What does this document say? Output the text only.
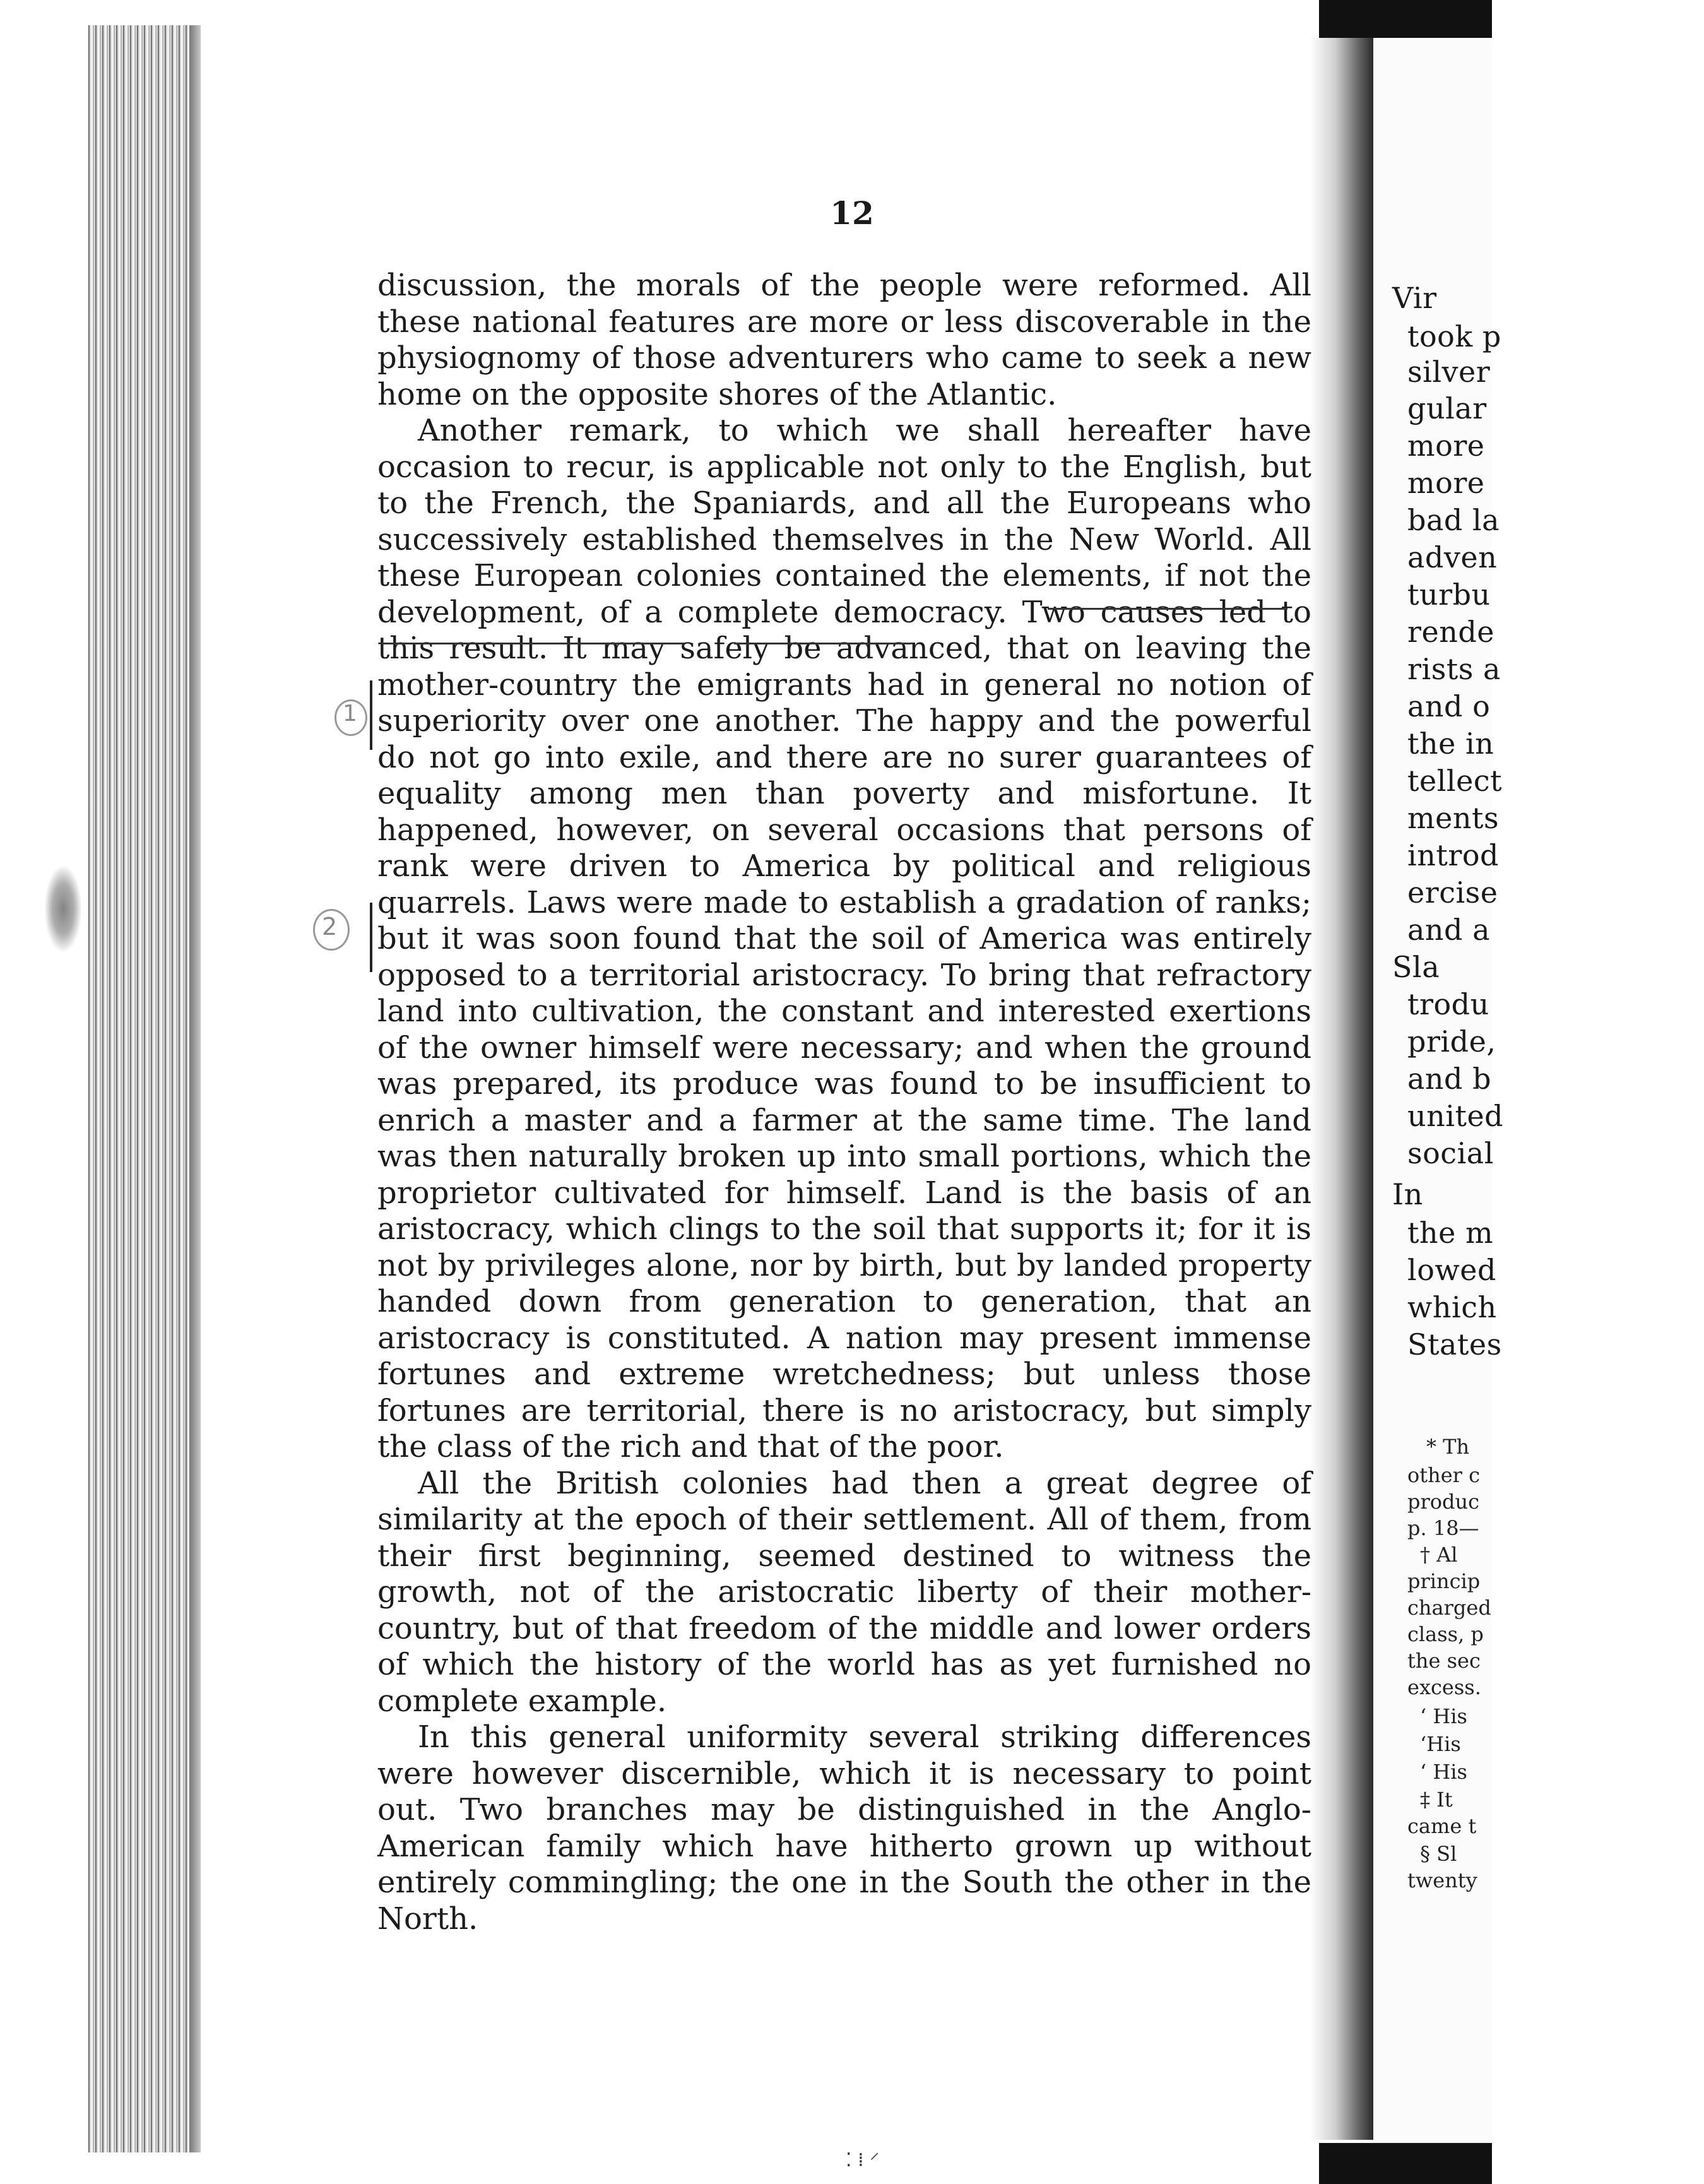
Vir
took p
silver
gular
more
more
bad la
adven
turbu
rende
rists a
and o
the in
tellect
ments
introd
ercise
and a
Sla
trodu
pride,
and b
united
social
In
the m
lowed
which
States
* Th
other c
produc
p. 18—
† Al
princip
charged
class, p
the sec
excess.
‘ His
‘His
‘ His
‡ It
came t
§ Sl
twenty
12

discussion, the morals of the people were reformed. All these national features are more or less discoverable in the physiognomy of those adventurers who came to seek a new home on the opposite shores of the Atlantic.

Another remark, to which we shall hereafter have occasion to recur, is applicable not only to the English, but to the French, the Spaniards, and all the Europeans who successively established themselves in the New World. All these European colonies contained the elements, if not the development, of a complete democracy. Two causes led to this result. It may safely be advanced, that on leaving the mother-country the emigrants had in general no notion of superiority over one another. The happy and the powerful do not go into exile, and there are no surer guarantees of equality among men than poverty and misfortune. It happened, however, on several occasions that persons of rank were driven to America by political and religious quarrels. Laws were made to establish a gradation of ranks; but it was soon found that the soil of America was entirely opposed to a territorial aristocracy. To bring that refractory land into cultivation, the constant and interested exertions of the owner himself were necessary; and when the ground was prepared, its produce was found to be insufficient to enrich a master and a farmer at the same time. The land was then naturally broken up into small portions, which the proprietor cultivated for himself. Land is the basis of an aristocracy, which clings to the soil that supports it; for it is not by privileges alone, nor by birth, but by landed property handed down from generation to generation, that an aristocracy is constituted. A nation may present immense fortunes and extreme wretchedness; but unless those fortunes are territorial, there is no aristocracy, but simply the class of the rich and that of the poor.

All the British colonies had then a great degree of similarity at the epoch of their settlement. All of them, from their first beginning, seemed destined to witness the growth, not of the aristocratic liberty of their mother-country, but of that freedom of the middle and lower orders of which the history of the world has as yet furnished no complete example.

In this general uniformity several striking differences were however discernible, which it is necessary to point out. Two branches may be distinguished in the Anglo-American family which have hitherto grown up without entirely commingling; the one in the South the other in the North.

1
2
⁚ ⁞ ⸍
